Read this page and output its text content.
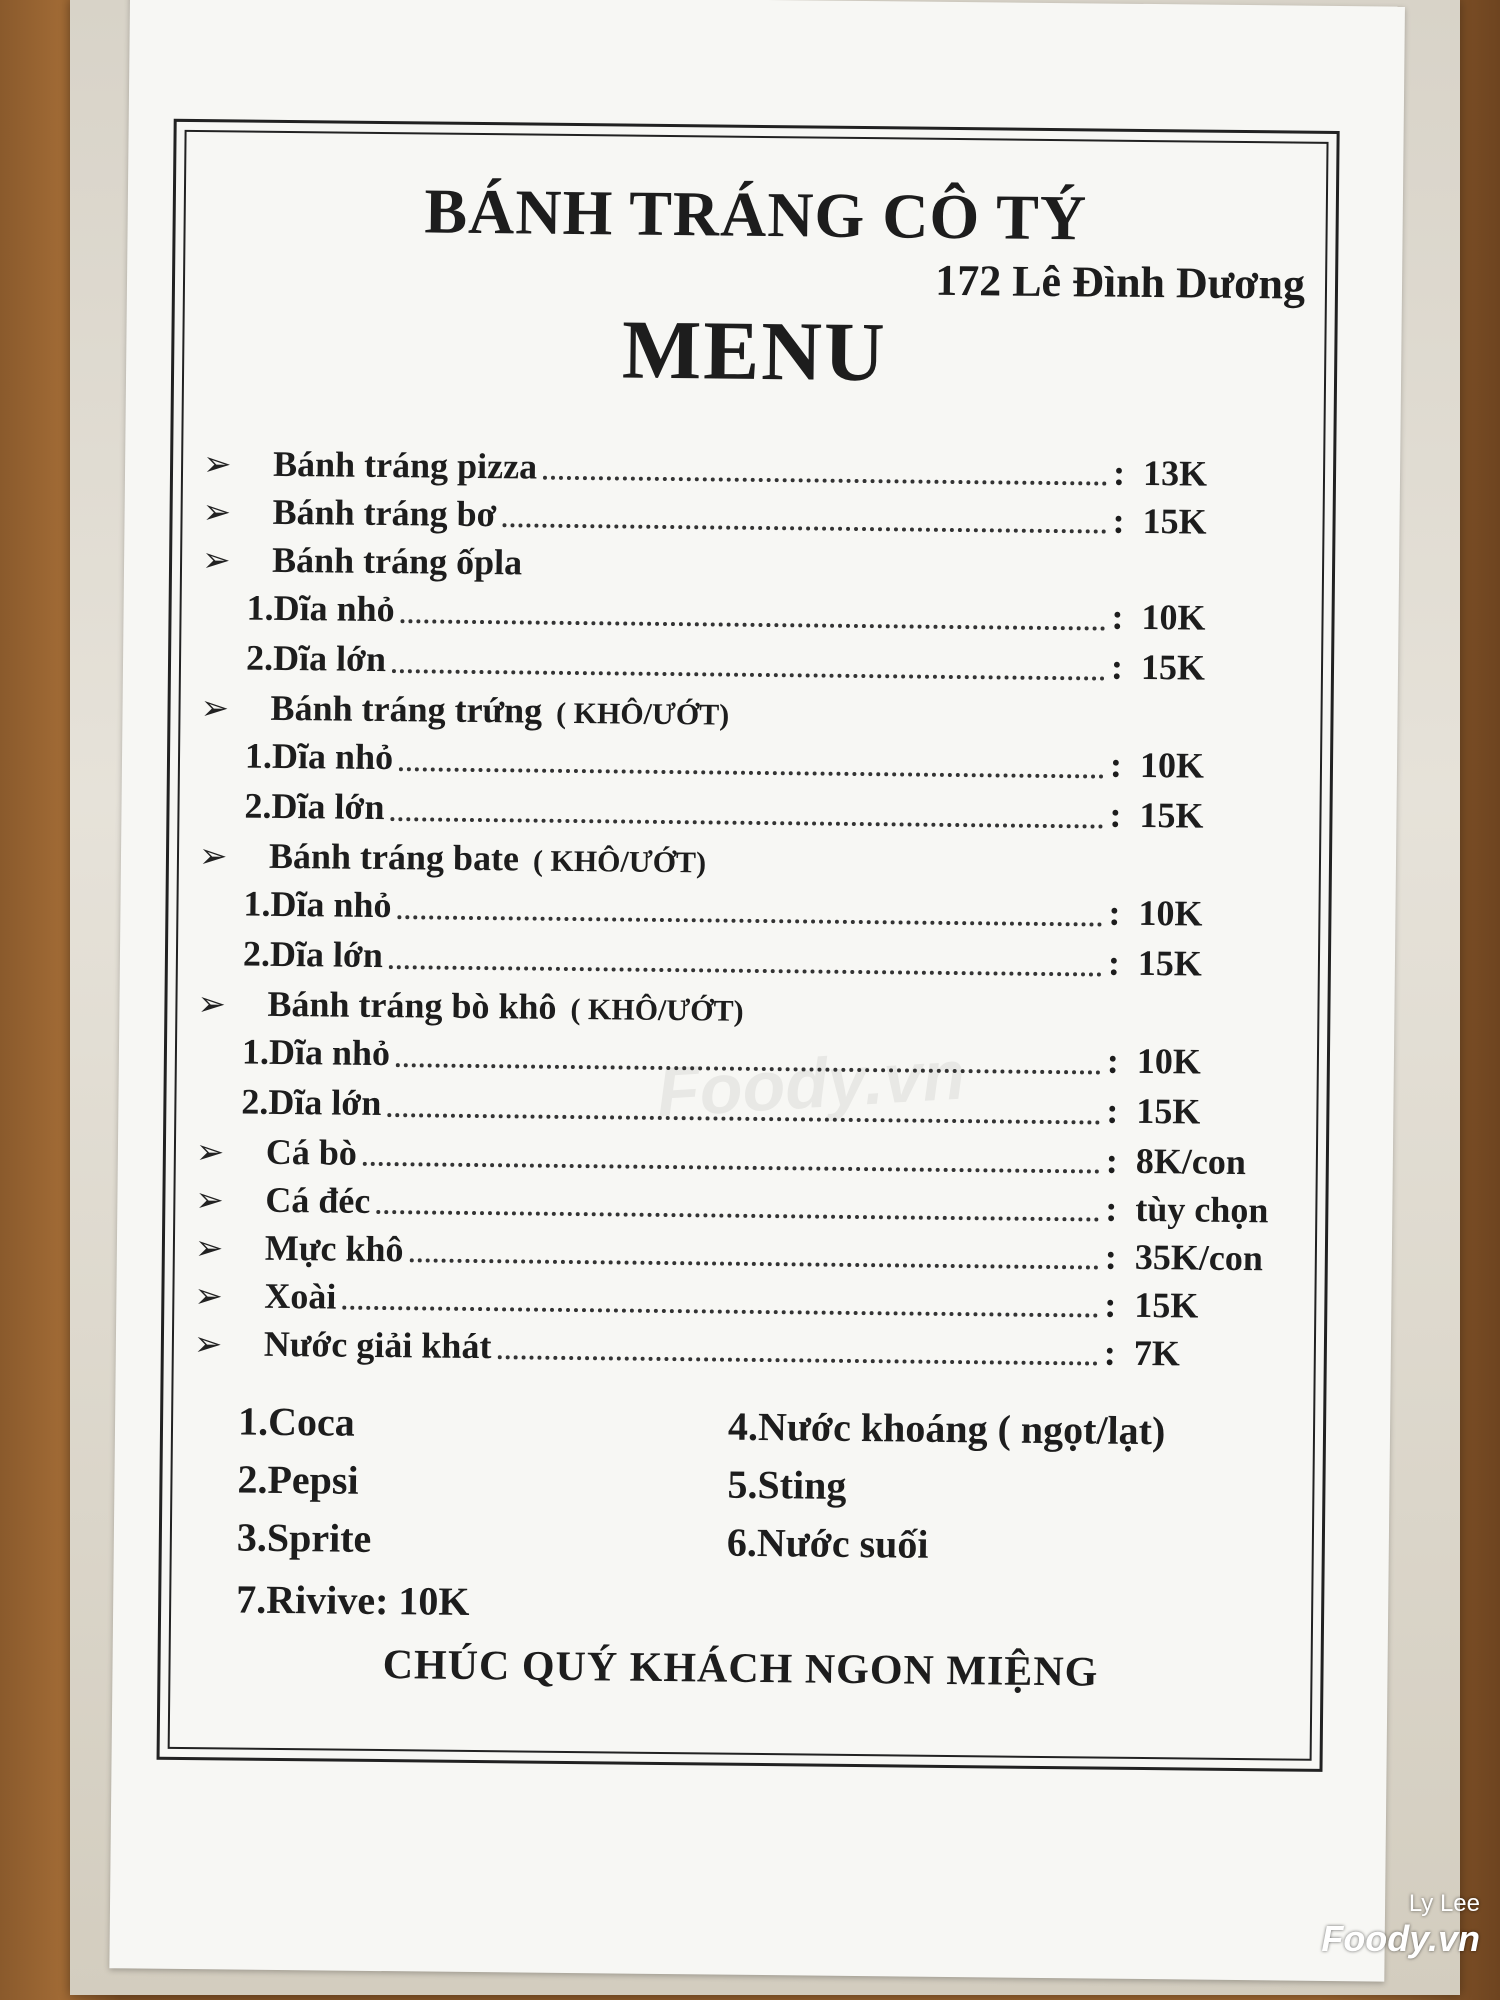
BÁNH TRÁNG CÔ TÝ
172 Lê Đình Dương
MENU
Foody.vn
➢	Bánh tráng pizza	: 13K
➢	Bánh tráng bơ	: 15K
➢	Bánh tráng ốpla
1.Dĩa nhỏ	: 10K
2.Dĩa lớn	: 15K
➢	Bánh tráng trứng ( KHÔ/ƯỚT)
1.Dĩa nhỏ	: 10K
2.Dĩa lớn	: 15K
➢	Bánh tráng bate ( KHÔ/ƯỚT)
1.Dĩa nhỏ	: 10K
2.Dĩa lớn	: 15K
➢	Bánh tráng bò khô ( KHÔ/ƯỚT)
1.Dĩa nhỏ	: 10K
2.Dĩa lớn	: 15K
➢	Cá bò	: 8K/con
➢	Cá đéc	: tùy chọn
➢	Mực khô	: 35K/con
➢	Xoài	: 15K
➢	Nước giải khát	: 7K
1.Coca
2.Pepsi
3.Sprite
4.Nước khoáng ( ngọt/lạt)
5.Sting
6.Nước suối
7.Rivive: 10K
CHÚC QUÝ KHÁCH NGON MIỆNG
Ly Lee
Foody.vn
